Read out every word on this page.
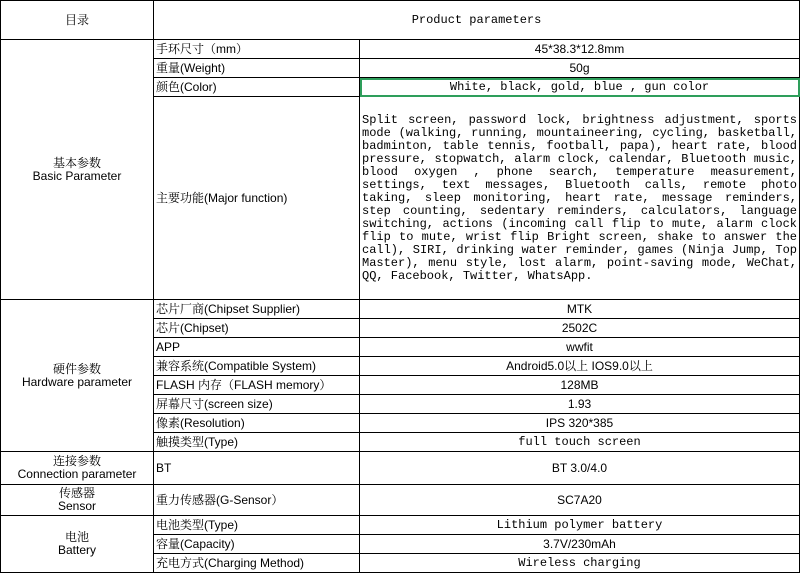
目录	Product parameters	

基本参数
Basic Parameter	手环尺寸（mm）	45*38.3*12.8mm
	重量(Weight)	50g
	颜色(Color)	White, black, gold, blue , gun color
	主要功能(Major function)	Split screen, password lock, brightness adjustment, sports mode (walking, running, mountaineering, cycling, basketball, badminton, table tennis, football, papa), heart rate, blood pressure, stopwatch, alarm clock, calendar, Bluetooth music, blood oxygen , phone search, temperature measurement, settings, text messages, Bluetooth calls, remote photo taking, sleep monitoring, heart rate, message reminders, step counting, sedentary reminders, calculators, language switching, actions (incoming call flip to mute, alarm clock flip to mute, wrist flip Bright screen, shake to answer the call), SIRI, drinking water reminder, games (Ninja Jump, Top Master), menu style, lost alarm, point-saving mode, WeChat, QQ, Facebook, Twitter, WhatsApp.

硬件参数
Hardware parameter	芯片厂商(Chipset Supplier)	MTK
	芯片(Chipset)	2502C
	APP	wwfit
	兼容系统(Compatible System)	Android5.0以上 IOS9.0以上
	FLASH 内存（FLASH memory）	128MB
	屏幕尺寸(screen size)	1.93
	像素(Resolution)	IPS 320*385
	触摸类型(Type)	full touch screen

连接参数
Connection parameter	BT	BT 3.0/4.0

传感器
Sensor	重力传感器(G-Sensor）	SC7A20

电池
Battery	电池类型(Type)	Lithium polymer battery
	容量(Capacity)	3.7V/230mAh
	充电方式(Charging Method)	Wireless charging
